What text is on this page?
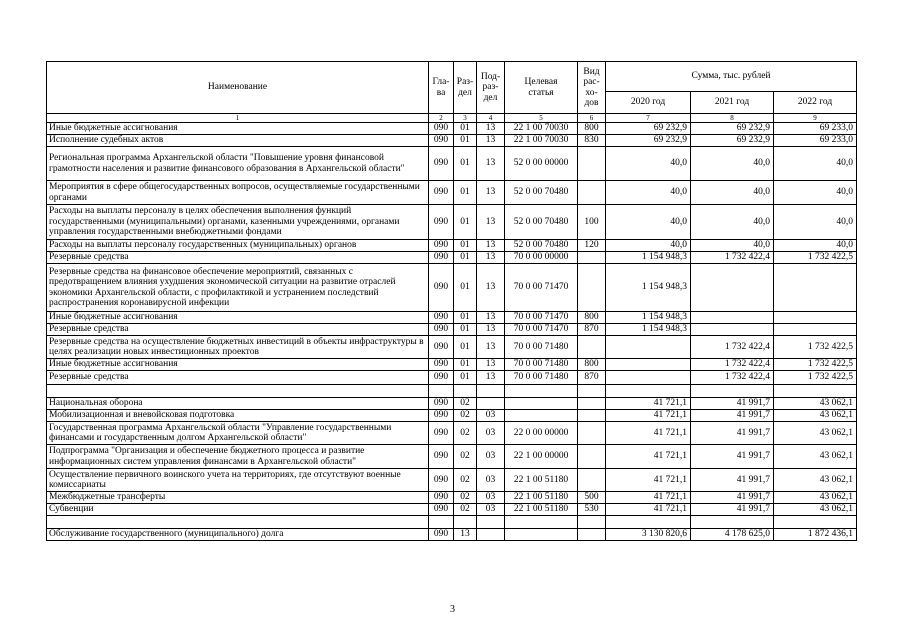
Наименование	Гла-ва	Раз-дел	Под-раз-дел	Целевая статья	Вид рас-хо-дов	Сумма, тыс. рублей		
						2020 год	2021 год	2022 год
1	2	3	4	5	6	7	8	9
Иные бюджетные ассигнования	090	01	13	22 1 00 70030	800	69 232,9	69 232,9	69 233,0
Исполнение судебных актов	090	01	13	22 1 00 70030	830	69 232,9	69 232,9	69 233,0
Региональная программа Архангельской области "Повышение уровня финансовой грамотности населения и развитие финансового образования в Архангельской области"	090	01	13	52 0 00 00000		40,0	40,0	40,0
Мероприятия в сфере общегосударственных вопросов, осуществляемые государственными органами	090	01	13	52 0 00 70480		40,0	40,0	40,0
Расходы на выплаты персоналу в целях обеспечения выполнения функций государственными (муниципальными) органами, казенными учреждениями, органами управления государственными внебюджетными фондами	090	01	13	52 0 00 70480	100	40,0	40,0	40,0
Расходы на выплаты персоналу государственных (муниципальных) органов	090	01	13	52 0 00 70480	120	40,0	40,0	40,0
Резервные средства	090	01	13	70 0 00 00000		1 154 948,3	1 732 422,4	1 732 422,5
Резервные средства на финансовое обеспечение мероприятий, связанных с предотвращением влияния ухудшения экономической ситуации на развитие отраслей экономики Архангельской области, с профилактикой и устранением последствий распространения коронавирусной инфекции	090	01	13	70 0 00 71470		1 154 948,3		
Иные бюджетные ассигнования	090	01	13	70 0 00 71470	800	1 154 948,3		
Резервные средства	090	01	13	70 0 00 71470	870	1 154 948,3		
Резервные средства на осуществление бюджетных инвестиций в объекты инфраструктуры в целях реализации новых инвестиционных проектов	090	01	13	70 0 00 71480			1 732 422,4	1 732 422,5
Иные бюджетные ассигнования	090	01	13	70 0 00 71480	800		1 732 422,4	1 732 422,5
Резервные средства	090	01	13	70 0 00 71480	870		1 732 422,4	1 732 422,5

Национальная оборона	090	02				41 721,1	41 991,7	43 062,1
Мобилизационная и вневойсковая подготовка	090	02	03			41 721,1	41 991,7	43 062,1
Государственная программа Архангельской области "Управление государственными финансами и государственным долгом Архангельской области"	090	02	03	22 0 00 00000		41 721,1	41 991,7	43 062,1
Подпрограмма "Организация и обеспечение бюджетного процесса и развитие информационных систем управления финансами в Архангельской области"	090	02	03	22 1 00 00000		41 721,1	41 991,7	43 062,1
Осуществление первичного воинского учета на территориях, где отсутствуют военные комиссариаты	090	02	03	22 1 00 51180		41 721,1	41 991,7	43 062,1
Межбюджетные трансферты	090	02	03	22 1 00 51180	500	41 721,1	41 991,7	43 062,1
Субвенции	090	02	03	22 1 00 51180	530	41 721,1	41 991,7	43 062,1

Обслуживание государственного (муниципального) долга	090	13				3 130 820,6	4 178 625,0	1 872 436,1
3
